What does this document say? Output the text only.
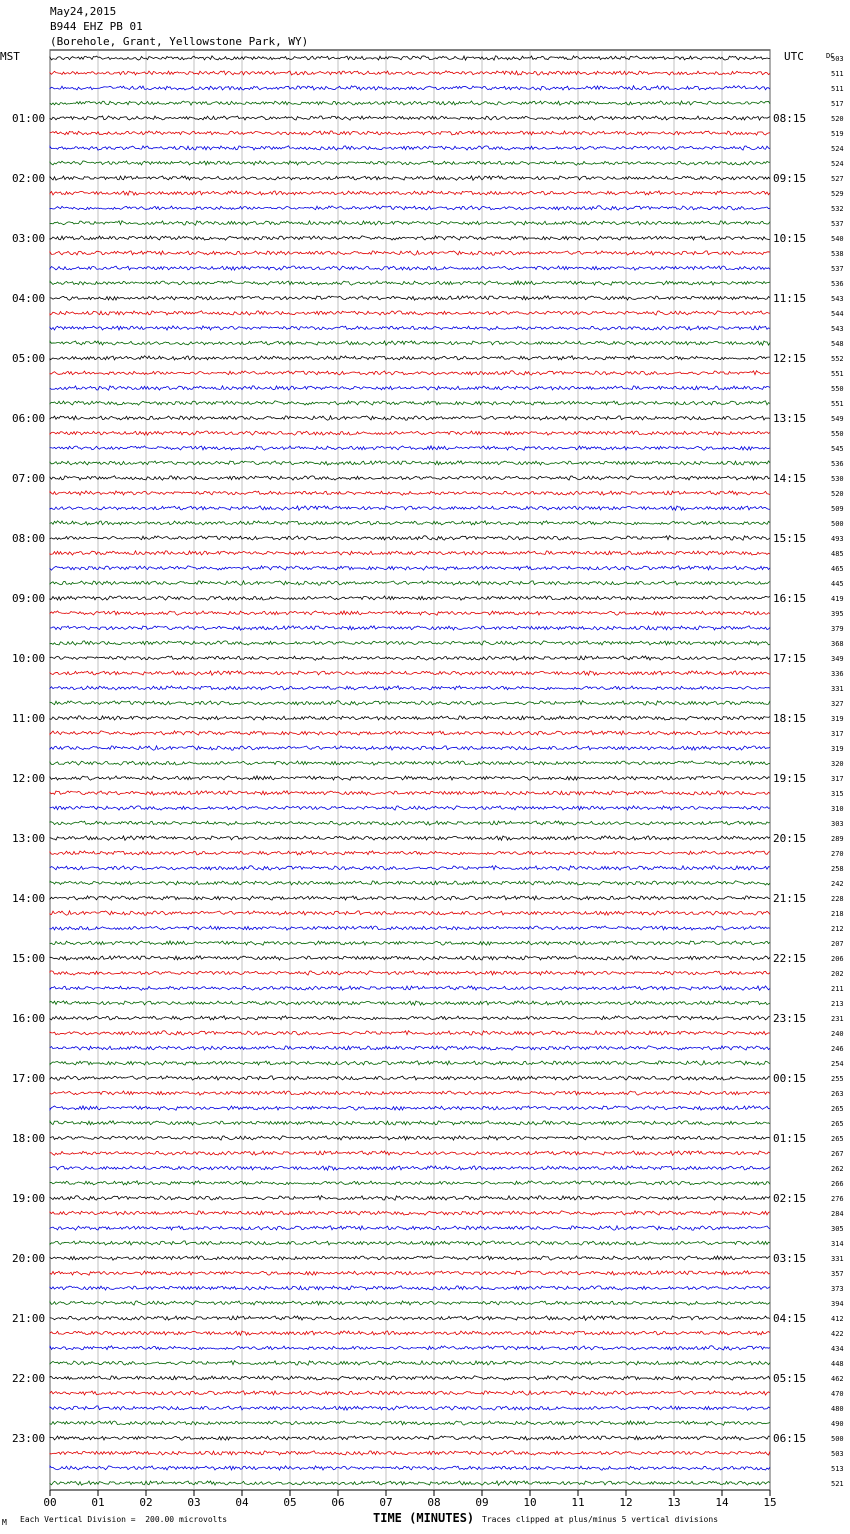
May24,2015
B944 EHZ PB 01
(Borehole, Grant, Yellowstone Park, WY)
00	01	02	03	04	05	06	07	08	09	10	11	12	13	14	15
503
511
511
517
520
519
524
524
527
529
532
537
540
538
537
536
543
544
543
548
552
551
550
551
549
550
545
536
530
520
509
500
493
485
465
445
419
395
379
368
349
336
331
327
319
317
319
320
317
315
310
303
289
270
258
242
228
218
212
207
206
202
211
213
231
240
246
254
255
263
265
265
265
267
262
266
276
284
305
314
331
357
373
394
412
422
434
448
462
470
480
490
500
503
513
521
01:00	08:15
02:00	09:15
03:00	10:15
04:00	11:15
05:00	12:15
06:00	13:15
07:00	14:15
08:00	15:15
09:00	16:15
10:00	17:15
11:00	18:15
12:00	19:15
13:00	20:15
14:00	21:15
15:00	22:15
16:00	23:15
17:00	00:15
18:00	01:15
19:00	02:15
20:00	03:15
21:00	04:15
22:00	05:15
23:00	06:15
MST	UTC	DC
M Each Vertical Division =  200.00 microvolts	TIME (MINUTES) Traces clipped at plus/minus 5 vertical divisions
